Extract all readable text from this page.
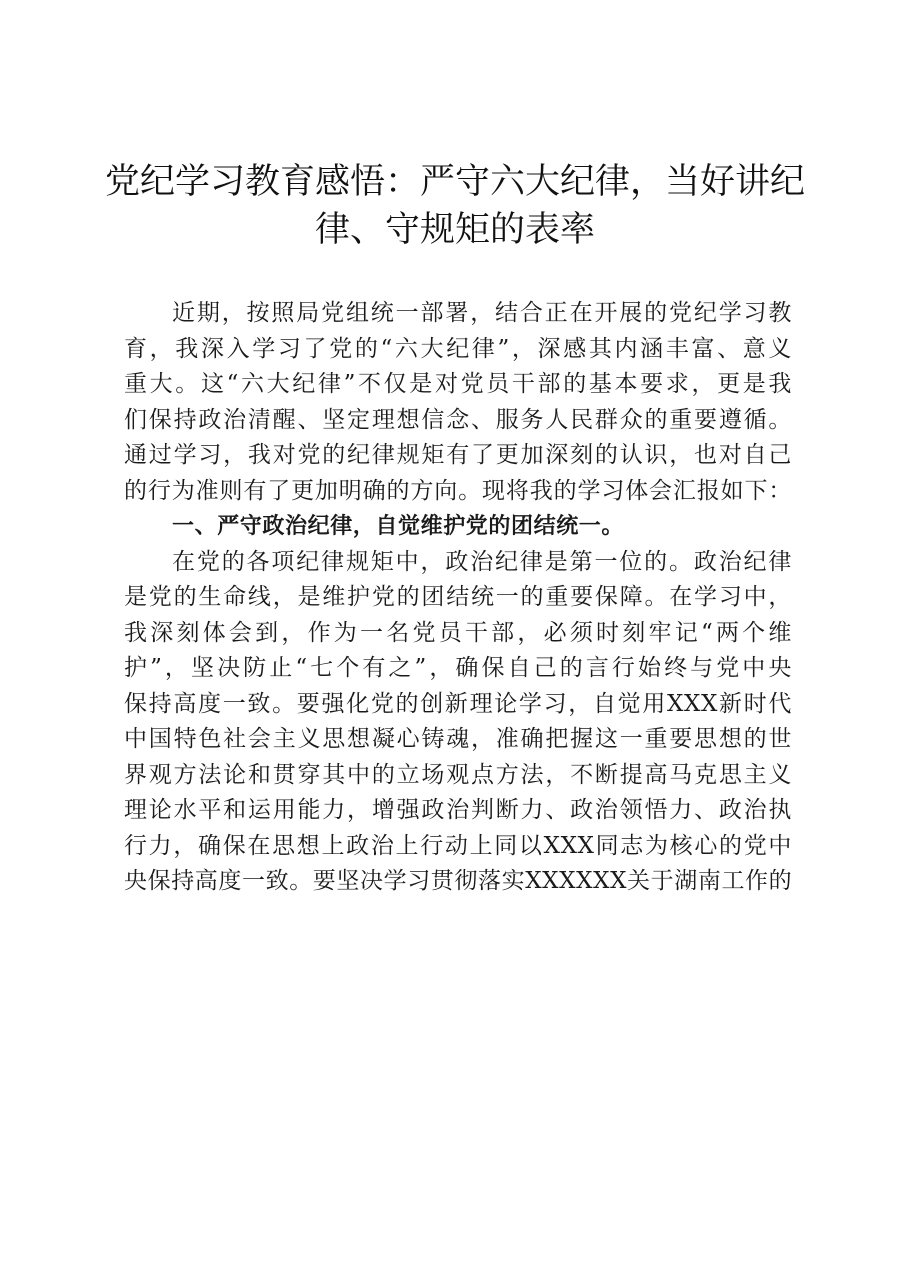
党纪学习教育感悟：严守六大纪律，当好讲纪
律、守规矩的表率
近期，按照局党组统一部署，结合正在开展的党纪学习教
育，我深入学习了党的“六大纪律”，深感其内涵丰富、意义
重大。这“六大纪律”不仅是对党员干部的基本要求，更是我
们保持政治清醒、坚定理想信念、服务人民群众的重要遵循。
通过学习，我对党的纪律规矩有了更加深刻的认识，也对自己
的行为准则有了更加明确的方向。现将我的学习体会汇报如下：
一、严守政治纪律，自觉维护党的团结统一。
在党的各项纪律规矩中，政治纪律是第一位的。政治纪律
是党的生命线，是维护党的团结统一的重要保障。在学习中，
我深刻体会到，作为一名党员干部，必须时刻牢记“两个维
护”，坚决防止“七个有之”，确保自己的言行始终与党中央
保持高度一致。要强化党的创新理论学习，自觉用XXX新时代
中国特色社会主义思想凝心铸魂，准确把握这一重要思想的世
界观方法论和贯穿其中的立场观点方法，不断提高马克思主义
理论水平和运用能力，增强政治判断力、政治领悟力、政治执
行力，确保在思想上政治上行动上同以XXX同志为核心的党中
央保持高度一致。要坚决学习贯彻落实XXXXXX关于湖南工作的
